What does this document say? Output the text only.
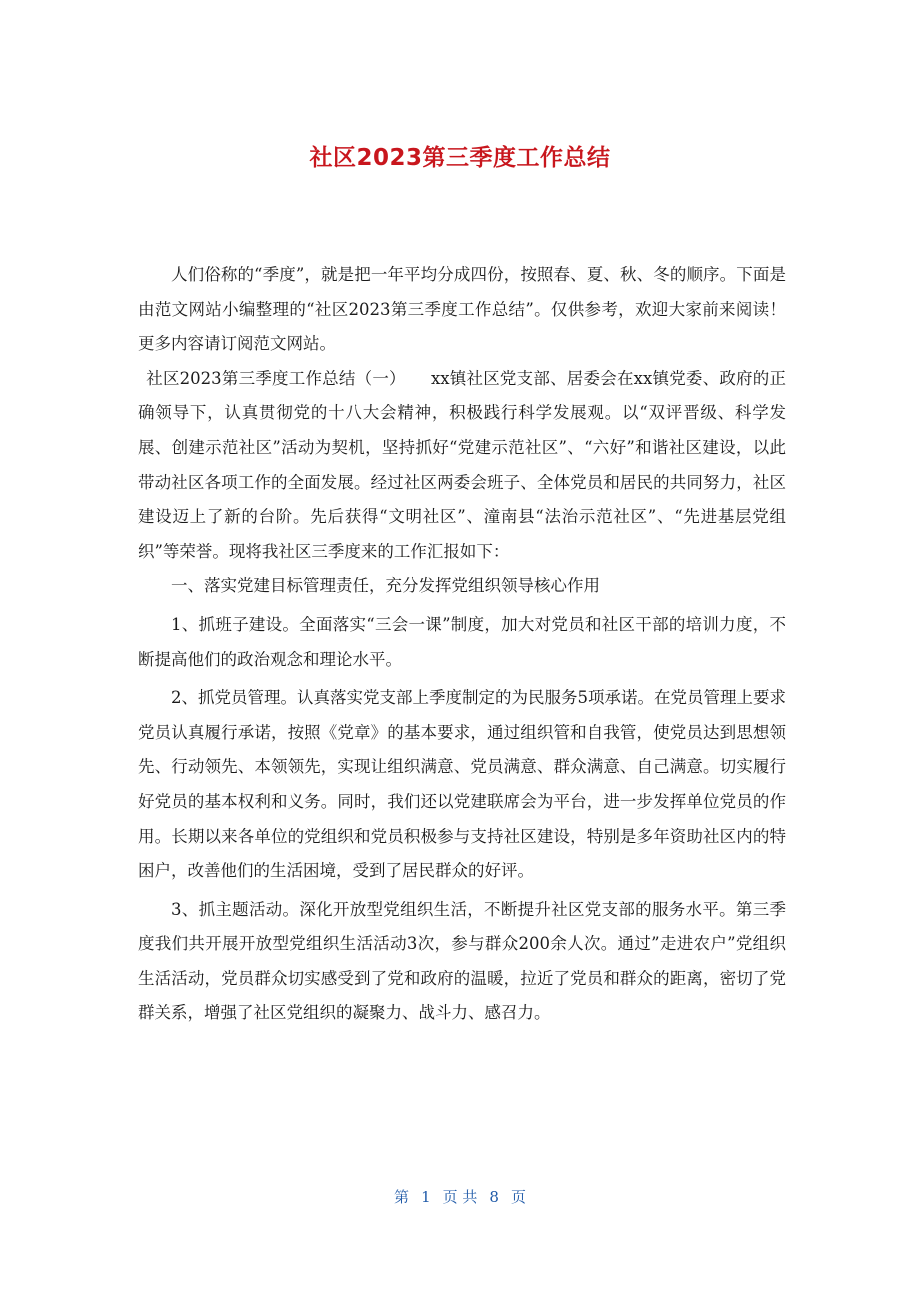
社区2023第三季度工作总结

人们俗称的“季度”，就是把一年平均分成四份，按照春、夏、秋、冬的顺序。下面是由范文网站小编整理的“社区2023第三季度工作总结”。仅供参考，欢迎大家前来阅读！更多内容请订阅范文网站。

社区2023第三季度工作总结（一）　　xx镇社区党支部、居委会在xx镇党委、政府的正确领导下，认真贯彻党的十八大会精神，积极践行科学发展观。以“双评晋级、科学发展、创建示范社区”活动为契机，坚持抓好“党建示范社区”、“六好”和谐社区建设，以此带动社区各项工作的全面发展。经过社区两委会班子、全体党员和居民的共同努力，社区建设迈上了新的台阶。先后获得“文明社区”、潼南县“法治示范社区”、“先进基层党组织”等荣誉。现将我社区三季度来的工作汇报如下：

一、落实党建目标管理责任，充分发挥党组织领导核心作用

1、抓班子建设。全面落实“三会一课”制度，加大对党员和社区干部的培训力度，不断提高他们的政治观念和理论水平。

2、抓党员管理。认真落实党支部上季度制定的为民服务5项承诺。在党员管理上要求党员认真履行承诺，按照《党章》的基本要求，通过组织管和自我管，使党员达到思想领先、行动领先、本领领先，实现让组织满意、党员满意、群众满意、自己满意。切实履行好党员的基本权利和义务。同时，我们还以党建联席会为平台，进一步发挥单位党员的作用。长期以来各单位的党组织和党员积极参与支持社区建设，特别是多年资助社区内的特困户，改善他们的生活困境，受到了居民群众的好评。

3、抓主题活动。深化开放型党组织生活，不断提升社区党支部的服务水平。第三季度我们共开展开放型党组织生活活动3次，参与群众200余人次。通过”走进农户”党组织生活活动，党员群众切实感受到了党和政府的温暖，拉近了党员和群众的距离，密切了党群关系，增强了社区党组织的凝聚力、战斗力、感召力。

第 1 页 共 8 页
